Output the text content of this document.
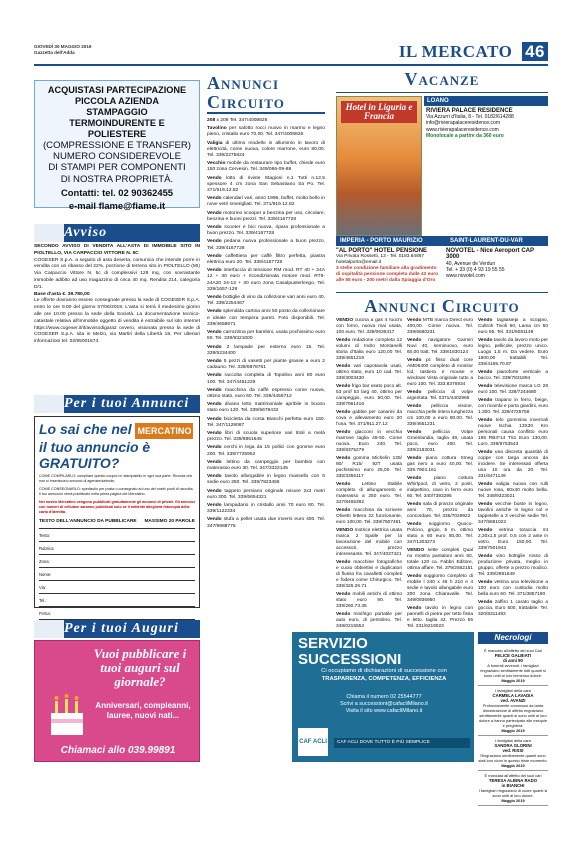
GIOVEDÌ 30 MAGGIO 2019
Gazzetta dell'Adda	IL MERCATO 46
ACQUISTASI PARTECIPAZIONE
PICCOLA AZIENDA
STAMPAGGIO
TERMOINDURENTE E POLIESTERE
(COMPRESSIONE E TRANSFER)
NUMERO CONSIDEREVOLE
DI STAMPI PER COMPONENTI
DI NOSTRA PROPRIETÀ.
Contatti: tel. 02 90362455
e-mail flame@fiame.it
Avviso

SECONDO AVVISO DI VENDITA ALL'ASTA DI IMMOBILE SITO IN PIOLTELLO, VIA CARPACCIO VITTORE N. 5C

COGESER S.p.A. a seguito di asta deserta, comunica che intende porre in vendita con un ribasso del 22%, porzione di terreno sito in PIOLTELLO (MI) Via Carpaccio Vittore N. 5c di complessivi 129 mq, con sovrastante immobile adibito ad uso magazzino di circa 40 mq. Rendita 214, categoria D/1.

Base d'asta €. 39.780,00

Le offerte dovranno essere consegnate presso la sede di COGESER S.p.A. entro le ore 9.00 del giorno 07/06/2019. L'asta si terrà il medesimo giorno alle ore 10.00 presso la sede della Società. La documentazione tecnico-catastale relativa all'immobile oggetto di vendita è estraibile sul sito internet https://www.cogeser.it/it/avvisodigara2 ovvero, visionata presso la sede di COGESER S.p.A. sita in Melzo, via Martiri della Libertà 18. Per ulteriori informazioni tel. 02/95001674.

Per i tuoi Annunci
Lo sai che nel MERCATINO
il tuo annuncio è GRATUITO?
COME COMPILARLO: compilare questo coupon in stampatello in ogni sua parte. Ricorda che non si inseriscono annunci di agenzie/aziende.
COME CONSEGNARLO: spediscilo per posta o consegnalo ad uno dei nostri punti di raccolta. Il tuo annuncio verrà pubblicato nella prima pagina del Mercatino.
Nel nostro Mercatino vengono pubblicati gratuitamente gli annunci di privati. Gli annunci con numeri di cellulare saranno pubblicati solo se il mittente allegherà fotocopia della carta d'identità.
TESTO DELL'ANNUNCIO DA PUBBLICARE MASSIMO 20 PAROLE
Testo:
Rubrica:
Zona:
Nome:
Via:
Tel.:
Firma:
Per i tuoi Auguri
Vuoi pubblicare i tuoi auguri sul giornale?
Anniversari, compleanni, lauree, nuovi nati...
Chiamaci allo 039.99891
Annunci
Circuito

208 x 208 Tel. 347/4008826

Tavolino per salotto rocci nuovo in marmo e legno pieno, cristallo euro 70,00. Tel. 347/4008826

Valigia di ultimo modello in alluminio in tavoro di elettricità, come nuova, colore marrone, euro 80,00. Tel. 339/2275824

Vecchio mobile da restaurare tipo buffet, chiede euro 150 zona Cervesin. Tel. 349/066-09-88

Vendo lotto di riviste Stagioni n.1 Tutti n.12.5 spessore 4 cm zona San Sebastiano Sa Po. Tel. 371/919.12.82

Vendo calendari vari, anno 1995, buffet, molto bello in nove vetri smerigliati. Tel. 371/919.12.82

Vendo motorino scooper a benzina per uso, circolare, benzina e buoni prezzi. Tel. 339/4167728

Vendo scooter e bici nuova, ripara professionale a buon prezzo. Tel. 339/4167728

Vendo pedana nuova professionale a buon prezzo. Tel. 339/4167728

Vendo caffettiera per caffè filtro perfetta, piastra elettrica euro 20. Tel. 339/4167728

Vendo interfaccia di tensione RM mod. RT 40 + 24A 12 + 30 euro + ricondizionata motore mod. RT8-24A20 24-13 + 30 euro zona Casalpusterlengo. Tel. 339/1657-128

Vendo bottiglie di vino da collezione vari anni euro 40. Tel. 339/2254467

Vendo splendida cartina anni 50 posto da collezionare e ideale con tempera pareti. Foto disponibili. Tel. 339/4658671

Vendo carrozzina per bambini, usata pochissimo euro 50. Tel. 339/9321000

Vendo 2 lampade per esterno euro 15. Tel. 339/5234400

Vendo 5 pezzi di vasetti per piante grasse a euro 2 cadauno. Tel. 339/8878761

Vendo raccolta completa di Topolino anni 80 euro 100. Tel. 347/4451229

Vendo macchina da caffè espresso come nuova, ottimo stato, euro 60. Tel. 339/4456712

Vendo divano letto matrimoniale apribile in buono stato euro 120. Tel. 339/5678432

Vendo bicicletta da corsa Bianchi perfetta euro 150. Tel. 347/1129087

Vendo libri di scuola superiore vari titoli a metà prezzo. Tel. 339/8861645

Vendo cerchi in lega da 15 pollici con gomme euro 200. Tel. 339/7725952

Vendo lettino da campeggio per bambini con materasso euro 30. Tel. 347/3322145

Vendo tavolo allungabile in legno massello con 6 sedie euro 250. Tel. 339/7823456

Vendo tappeto persiano originale misure 2x3 metri euro 300. Tel. 339/6654321

Vendo lampadario in cristallo anni 70 euro 80. Tel. 339/1122334

Vendo stufa a pellet usata due inverni euro 400. Tel. 347/9988776

Vacanze
Hotel in Liguria e Francia
LOANO
RIVIERA PALACE RESIDENCE
Via Azzurri d'Italia, 8 - Tel. 0182/614288
info@rivierapalaceresidence.com
www.rivierapalaceresidence.com
Monolocale a partire da 360 euro
IMPERIA - PORTO MAURIZIO	SAINT-LAURENT-DU-VAR
"AL PORTO" HOTEL PENSIONE
Via Privata Rossetti, 13 - Tel. 0183.64867
hotelalporto@email.it
3 stelle condizione familiare alla gradimento di ospitalità pensione completa dalle 42 euro alle 55 euro - 200 metri dalla Spiaggia d'Oro
NOVOTEL - Nice Aeroport CAP 3000
40, Avenue de Verdun
Tel. + 33 (0) 4 93 19 55 55
www.novotel.com
Annunci Circuito

VENDO cucina a gas 4 fuochi con forno, nuova mai usata, 100 euro. Tel. 339/0636317

Vendo redazione completa 12 volumi di Indro Montanelli storia d'Italia euro 120,00 Tel. 339/4651219

Vendo vari capotavola usati, ottimo stato, euro 10 cad. Tel. 339/3003430

Vendo frigo bar usato poco alt. 53 prof 53 larg 40, ottimo per campeggio, euro 50,00. Tel. 339/7961416

Vendo gabbie per canarini da cova e allevamento euro 20 l'una. Tel. 371/911.27.12

Vendo giacconi in vecchia marrone taglia 48-50. Come nuova. Euro 240. Tel. 339/8375279

Vendo gomma Michelin 125/ 80/ R15/ 92T usata pochissimo euro 25,00. Tel. 335/3355117

Vendo Lettino Stabile completo di allungamento e materasso a 250 euro. Tel. 347/8465392

Vendo macchina da scrivere Olivetti lettera 22 funzionante, euro 100,00. Tel. 338/7607461

VENDO motrice elettrica usata marca 2 Spalle per la lavorazione del mobile con accessori, prezzo interessante. Tel. 347/4037421

Vendo macchine fotografiche e cuoio obbiettivi e duplicatori di flusso fra cavalletti completi e fodera come Chirurgico. Tel. 339/326.26.71

Vendo mobili antichi di ottimo stato euro 90. Tel. 339/260.73.35

Vendo minifrigo portatile per auto euro, di pentolino. Tel. 348/0215553

Vendo MTB marca Direct euro 400,00. Come nuova. Tel. 339/6680231

Vendo navigatore Garmin Nuvi 40, seminuovo, euro 60,00 tratt. Tel. 339/1830124

Vendo pc fisso dual core AMD6400 completo di monitor lcd, tastiera e mouse e windows Vista originale tutto a euro 100. Tel. 333.8376934

Vendo pelliccia di volpe argentata. Tel. 0371/4402966

Vendo pelliccia visone, macchia pelle intera lunghezza cm 100,00 a euro 80,00. Tel. 339/4651231

Vendo pelliccia Volpe Groenlandia, taglia 48, usata poco, euro 400. Tel. 339/2183031

Vendo piano cottura Smeg gas nero a euro 40,00. Tel. 339.7904.161

Vendo piano cottura Whirlpool, di vetro, 2 posti, inalpettino, cavo in ferro euro 60. Tel. 340/7393295

Vendo sala di pranzo originale anni 70, prezzo da concordare. Tel. 335/7029922

Vendo soggiorno Quoco-Polcino, grigio, 5 m. ottimo stato a 60 euro 80,00. Tel. 347/1303273

VENDO sette completi Qual no mostra pantaloni anni 50, totale 120 ca. Fabbri Editore, ottima affare. Tel. 379/2562151

Vendo soggiorno completo di mobile l 240 x 46 h 210 e 4 sedie e tavolo allungabile euro 200 zona Chiaravalle. Tel. 349/0936950

Vendo tavolo in legno con pannelli di pietra per tetto fissa e letto. taglia 42. Prezzo 55 Tel. 331/6219023

Vendo tagliasiepi a scoppio, Cultroh Tivoli 60, Lama cm 50 euro 95. Tel. 331/5081149

Vendo tavolo da lavoro moto per legno, pellicole, prezzo unico. Luogo 1,5 m. Da vedere. Euro 1800,00 trattabili Tel. 339/4165.70.87

Vendo pianoforte verticale a bacco. Tel. 339/7831894

Vendo televisione marca LG 28 euro 100. Tel. 339/7244680

Vendo trapano in ferro, beige, con ricambi e porta giardini, euro 1.300. Tel. 339/4725758

Vendo telo gommina invernali nuove Ischia 13X30 Km personali causa conflitto euro 195 RB4*14 T51 Euro 130,00. Loro. 339/8753543

Vendo una discreta quantità di coppe con targa ancora da incidere. Se interessati offerta una 10 ora da 20. Tel. 331/6471149

Vendo valigia nuova con rulli nuove rosa, 60x40 molto bella. Tel. 348/9323021

Vendo vecchie buste in legno, tavolini antiche in legno col e tappetelle a 3 vecchie sedie Tel. 347/5681022

Vendo vetrina toraccia mt 2,20x1,5 prof. 0,5 con 2 ante in vetro. Euro 150,00. Tel. 339/7501943

Vendo vino bottiglie rosso di produzione privata, meglio in gruppo, offerte a prezzo modico. Tel. 339/2981649

Vendo vetrina una televisione a 100 euro con custodia molto bella euro 50. Tel. 371/3857190

Vendo zaffiro 1 carato taglio a goccia, Euro 500, trattabile. Tel. 320/8311483

SERVIZIO
SUCCESSIONI
Ci occupiamo di dichiarazioni di successione con
TRASPARENZA, COMPETENZA, EFFICIENZA
Chiama il numero 02 25544777
Scrivi a successioni@cafacliMilano.it
Visita il sito www.cafacliMilano.it
CAF ACLI	CAF ACLI DOVE TUTTO È PIÙ SEMPLICE
Necrologi
È mancato all'affetto dei suoi Cari
FELICE GALBIATI
di anni 90
A funerali avvenuti, i famigliari ringraziano sentitamente tutti quanti si sono uniti al loro immenso dolore.
Maggio 2019
I famigliari della cara
CARMELA LAVADIA
ved. AVANZI
Profondamente commossi da tanta dimostrazione di affetto ringraziano sentitamente quanti si sono uniti al loro dolore a hanno partecipato alle esequie e preghiera.
Maggio 2019
I famigliari della cara
SANDRA GLORINI
ved. RISSI
Ringraziano sentitamente quanti sono stati loro vicini in questo triste momento.
Maggio 2019
È mancata all'affetto dei suoi cari
TERESA ALBINA RADO
in BIANCHI
I famigliari ringraziano di cuore quanti si sono uniti al loro dolore.
Maggio 2019
